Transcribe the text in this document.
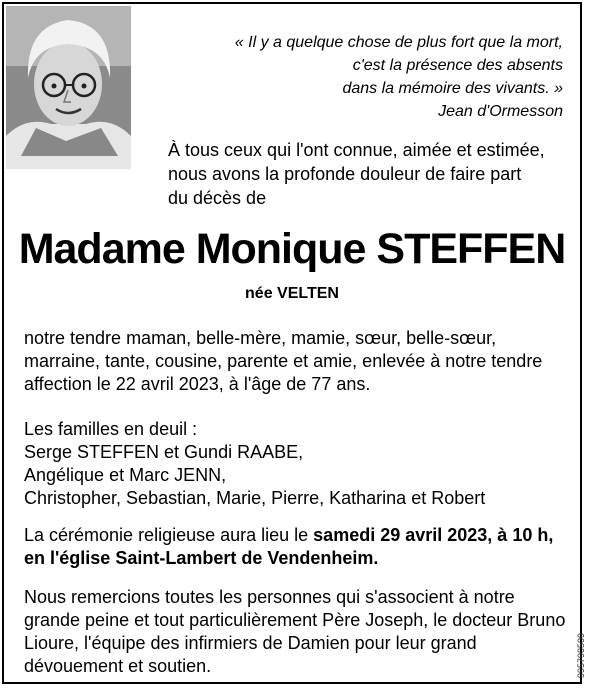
« Il y a quelque chose de plus fort que la mort,
c'est la présence des absents
dans la mémoire des vivants. »
Jean d'Ormesson
À tous ceux qui l'ont connue, aimée et estimée,
nous avons la profonde douleur de faire part
du décès de
Madame Monique STEFFEN
née VELTEN
notre tendre maman, belle-mère, mamie, sœur, belle-sœur,
marraine, tante, cousine, parente et amie, enlevée à notre tendre
affection le 22 avril 2023, à l'âge de 77 ans.
Les familles en deuil :
Serge STEFFEN et Gundi RAABE,
Angélique et Marc JENN,
Christopher, Sebastian, Marie, Pierre, Katharina et Robert
La cérémonie religieuse aura lieu le samedi 29 avril 2023, à 10 h,
en l'église Saint-Lambert de Vendenheim.
Nous remercions toutes les personnes qui s'associent à notre
grande peine et tout particulièrement Père Joseph, le docteur Bruno
Lioure, l'équipe des infirmiers de Damien pour leur grand
dévouement et soutien.	995790509
